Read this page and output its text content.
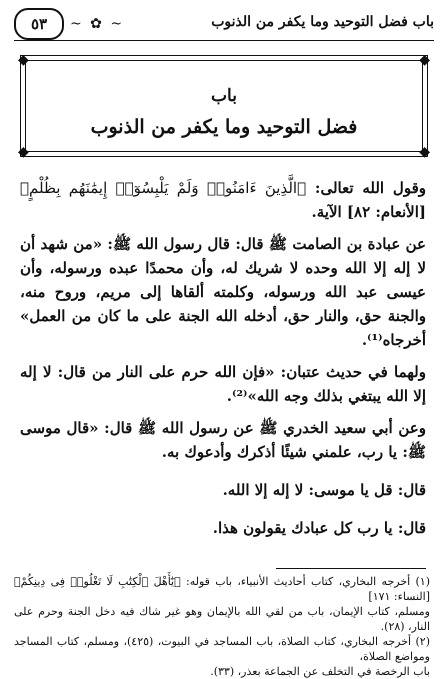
باب فضل التوحيد وما يكفر من الذنوب
~ ✿ ~
٥٣
◆	◆
◆	◆
باب
فضل التوحيد وما يكفر من الذنوب

وقول الله تعالى: ﴿الَّذِينَ ءَامَنُوا۟ وَلَمْ يَلْبِسُوٓا۟ إِيمَٰنَهُم بِظُلْمٍ﴾ [الأنعام: ٨٢] الآية.

عن عبادة بن الصامت ﷺ قال: قال رسول الله ﷺ: «من شهد أن لا إله إلا الله وحده لا شريك له، وأن محمدًا عبده ورسوله، وأن عيسى عبد الله ورسوله، وكلمته ألقاها إلى مريم، وروح منه، والجنة حق، والنار حق، أدخله الله الجنة على ما كان من العمل» أخرجاه⁽¹⁾.

ولهما في حديث عتبان: «فإن الله حرم على النار من قال: لا إله إلا الله يبتغي بذلك وجه الله»⁽²⁾.

وعن أبي سعيد الخدري ﷺ عن رسول الله ﷺ قال: «قال موسى ﷺ: يا رب، علمني شيئًا أذكرك وأدعوك به.

قال: قل يا موسى: لا إله إلا الله.

قال: يا رب كل عبادك يقولون هذا.

(١) أخرجه البخاري، كتاب أحاديث الأنبياء، باب قوله: ﴿يَٰٓأَهْلَ ٱلْكِتَٰبِ لَا تَغْلُوا۟ فِى دِينِكُمْ﴾ [النساء: ١٧١]

ومسلم، كتاب الإيمان، باب من لقي الله بالإيمان وهو غير شاك فيه دخل الجنة وحرم على النار، (٢٨).

(٢) أخرجه البخاري، كتاب الصلاة، باب المساجد في البيوت، (٤٢٥)، ومسلم، كتاب المساجد ومواضع الصلاة،

باب الرخصة في التخلف عن الجماعة بعذر، (٣٣).
